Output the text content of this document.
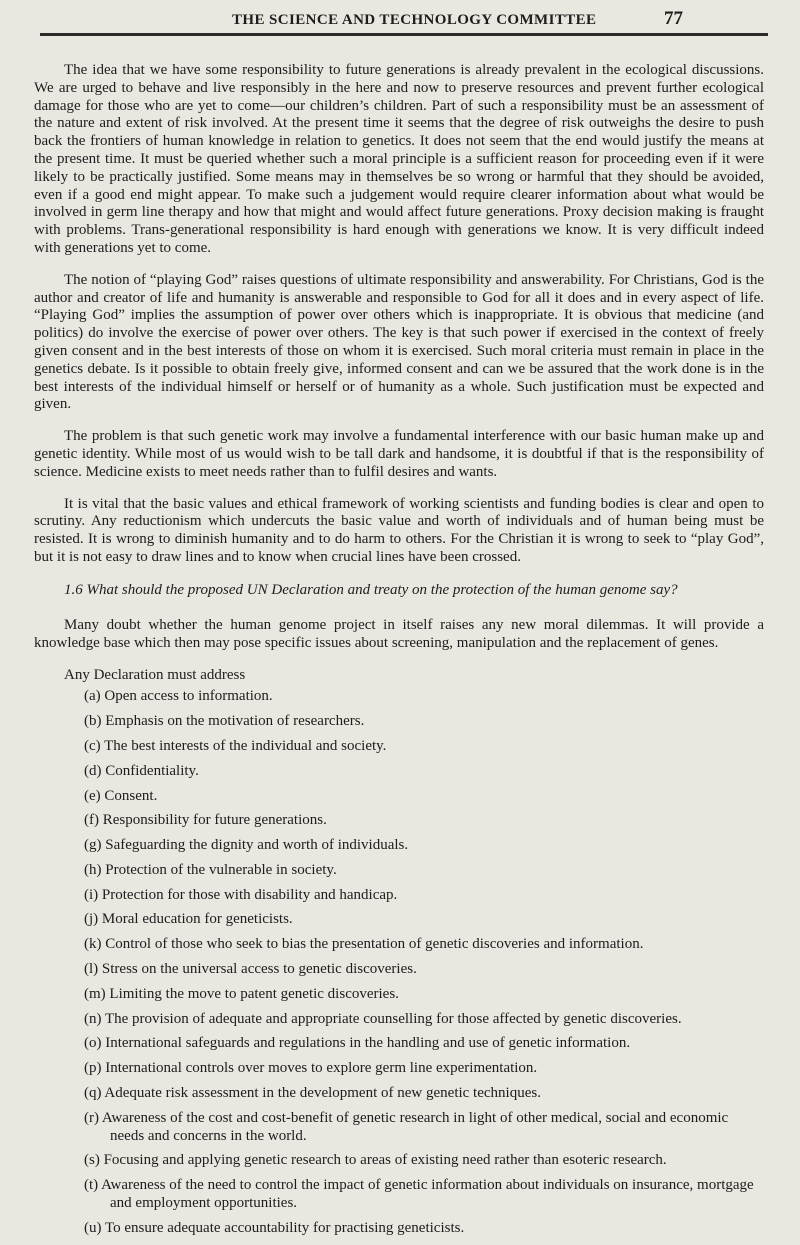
THE SCIENCE AND TECHNOLOGY COMMITTEE	77

The idea that we have some responsibility to future generations is already prevalent in the ecological discussions. We are urged to behave and live responsibly in the here and now to preserve resources and prevent further ecological damage for those who are yet to come—our children’s children. Part of such a responsibility must be an assessment of the nature and extent of risk involved. At the present time it seems that the degree of risk outweighs the desire to push back the frontiers of human knowledge in relation to genetics. It does not seem that the end would justify the means at the present time. It must be queried whether such a moral principle is a sufficient reason for proceeding even if it were likely to be practically justified. Some means may in themselves be so wrong or harmful that they should be avoided, even if a good end might appear. To make such a judgement would require clearer information about what would be involved in germ line therapy and how that might and would affect future generations. Proxy decision making is fraught with problems. Trans-generational responsibility is hard enough with generations we know. It is very difficult indeed with generations yet to come.

The notion of “playing God” raises questions of ultimate responsibility and answerability. For Christians, God is the author and creator of life and humanity is answerable and responsible to God for all it does and in every aspect of life. “Playing God” implies the assumption of power over others which is inappropriate. It is obvious that medicine (and politics) do involve the exercise of power over others. The key is that such power if exercised in the context of freely given consent and in the best interests of those on whom it is exercised. Such moral criteria must remain in place in the genetics debate. Is it possible to obtain freely give, informed consent and can we be assured that the work done is in the best interests of the individual himself or herself or of humanity as a whole. Such justification must be expected and given.

The problem is that such genetic work may involve a fundamental interference with our basic human make up and genetic identity. While most of us would wish to be tall dark and handsome, it is doubtful if that is the responsibility of science. Medicine exists to meet needs rather than to fulfil desires and wants.

It is vital that the basic values and ethical framework of working scientists and funding bodies is clear and open to scrutiny. Any reductionism which undercuts the basic value and worth of individuals and of human being must be resisted. It is wrong to diminish humanity and to do harm to others. For the Christian it is wrong to seek to “play God”, but it is not easy to draw lines and to know when crucial lines have been crossed.

1.6 What should the proposed UN Declaration and treaty on the protection of the human genome say?

Many doubt whether the human genome project in itself raises any new moral dilemmas. It will provide a knowledge base which then may pose specific issues about screening, manipulation and the replacement of genes.

Any Declaration must address
(a) Open access to information.
(b) Emphasis on the motivation of researchers.
(c) The best interests of the individual and society.
(d) Confidentiality.
(e) Consent.
(f) Responsibility for future generations.
(g) Safeguarding the dignity and worth of individuals.
(h) Protection of the vulnerable in society.
(i) Protection for those with disability and handicap.
(j) Moral education for geneticists.
(k) Control of those who seek to bias the presentation of genetic discoveries and information.
(l) Stress on the universal access to genetic discoveries.
(m) Limiting the move to patent genetic discoveries.
(n) The provision of adequate and appropriate counselling for those affected by genetic discoveries.
(o) International safeguards and regulations in the handling and use of genetic information.
(p) International controls over moves to explore germ line experimentation.
(q) Adequate risk assessment in the development of new genetic techniques.
(r) Awareness of the cost and cost-benefit of genetic research in light of other medical, social and economic needs and concerns in the world.
(s) Focusing and applying genetic research to areas of existing need rather than esoteric research.
(t) Awareness of the need to control the impact of genetic information about individuals on insurance, mortgage and employment opportunities.
(u) To ensure adequate accountability for practising geneticists.
